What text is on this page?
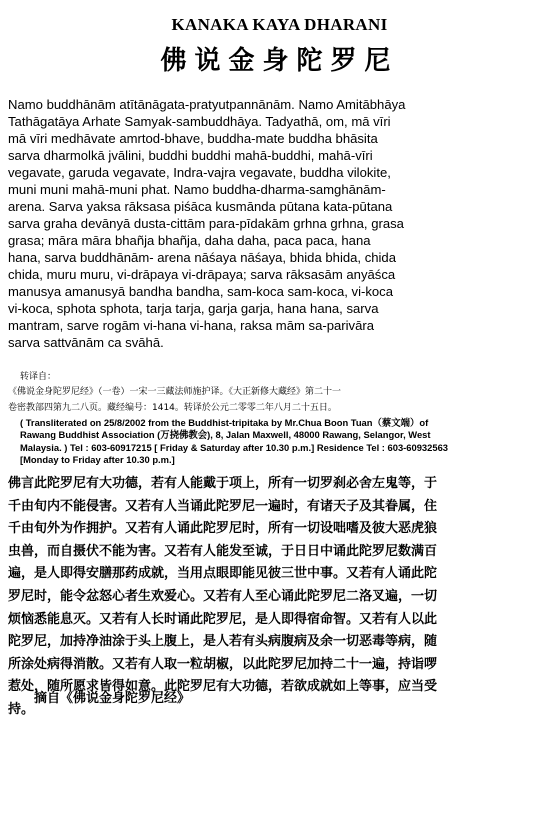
KANAKA KAYA DHARANI
佛说金身陀罗尼

Namo buddhānām atītānāgata-pratyutpannānām. Namo Amitābhāya
Tathāgatāya Arhate Samyak-sambuddhāya. Tadyathā, om, mā vīri
mā vīri medhāvate amrtod-bhave, buddha-mate buddha bhāsita
sarva dharmolkā jvālini, buddhi buddhi mahā-buddhi, mahā-vīri
vegavate, garuda vegavate, Indra-vajra vegavate, buddha vilokite,
muni muni mahā-muni phat. Namo buddha-dharma-samghānām-
arena. Sarva yaksa rāksasa piśāca kusmānda pūtana kata-pūtana
sarva graha devānyā dusta-cittām para-pīdakām grhna grhna, grasa
grasa; māra māra bhañja bhañja, daha daha, paca paca, hana
hana, sarva buddhānām- arena nāśaya nāśaya, bhida bhida, chida
chida, muru muru, vi-drāpaya vi-drāpaya; sarva rāksasām anyāśca
manusya amanusyā bandha bandha, sam-koca sam-koca, vi-koca
vi-koca, sphota sphota, tarja tarja, garja garja, hana hana, sarva
mantram, sarve rogām vi-hana vi-hana, raksa mām sa-parivāra
sarva sattvānām ca svāhā.

转译自：

《佛说金身陀罗尼经》（一卷）一宋一三藏法师施护译。《大正新修大藏经》第二十一
卷密教部四第九二八页。藏经编号：1414。转译於公元二零零二年八月二十五日。

( Transliterated on 25/8/2002 from the Buddhist-tripitaka by Mr.Chua Boon Tuan（蔡文端）of
Rawang Buddhist Association (万挠佛教会), 8, Jalan Maxwell, 48000 Rawang, Selangor, West
Malaysia. ) Tel : 603-60917215 [ Friday & Saturday after 10.30 p.m.] Residence Tel : 603-60932563
[Monday to Friday after 10.30 p.m.]

佛言此陀罗尼有大功德，若有人能戴于项上，所有一切罗刹必舍左鬼等，于
千由旬内不能侵害。又若有人当诵此陀罗尼一遍时，有诸天子及其眷属，住
千由旬外为作拥护。又若有人诵此陀罗尼时，所有一切设咄嗜及彼大恶虎狼
虫兽，而自摄伏不能为害。又若有人能发至诚，于日日中诵此陀罗尼数满百
遍，是人即得安膳那药成就，当用点眼即能见彼三世中事。又若有人诵此陀
罗尼时，能令忿怒心者生欢爱心。又若有人至心诵此陀罗尼二洛叉遍，一切
烦恼悉能息灭。又若有人长时诵此陀罗尼，是人即得宿命智。又若有人以此
陀罗尼，加持净油涂于头上腹上，是人若有头病腹病及余一切恶毒等病，随
所涂处病得消散。又若有人取一粒胡椒，以此陀罗尼加持二十一遍，持诣啰
惹处，随所愿求皆得如意。此陀罗尼有大功德，若欲成就如上等事，应当受
持。

摘自《佛说金身陀罗尼经》
